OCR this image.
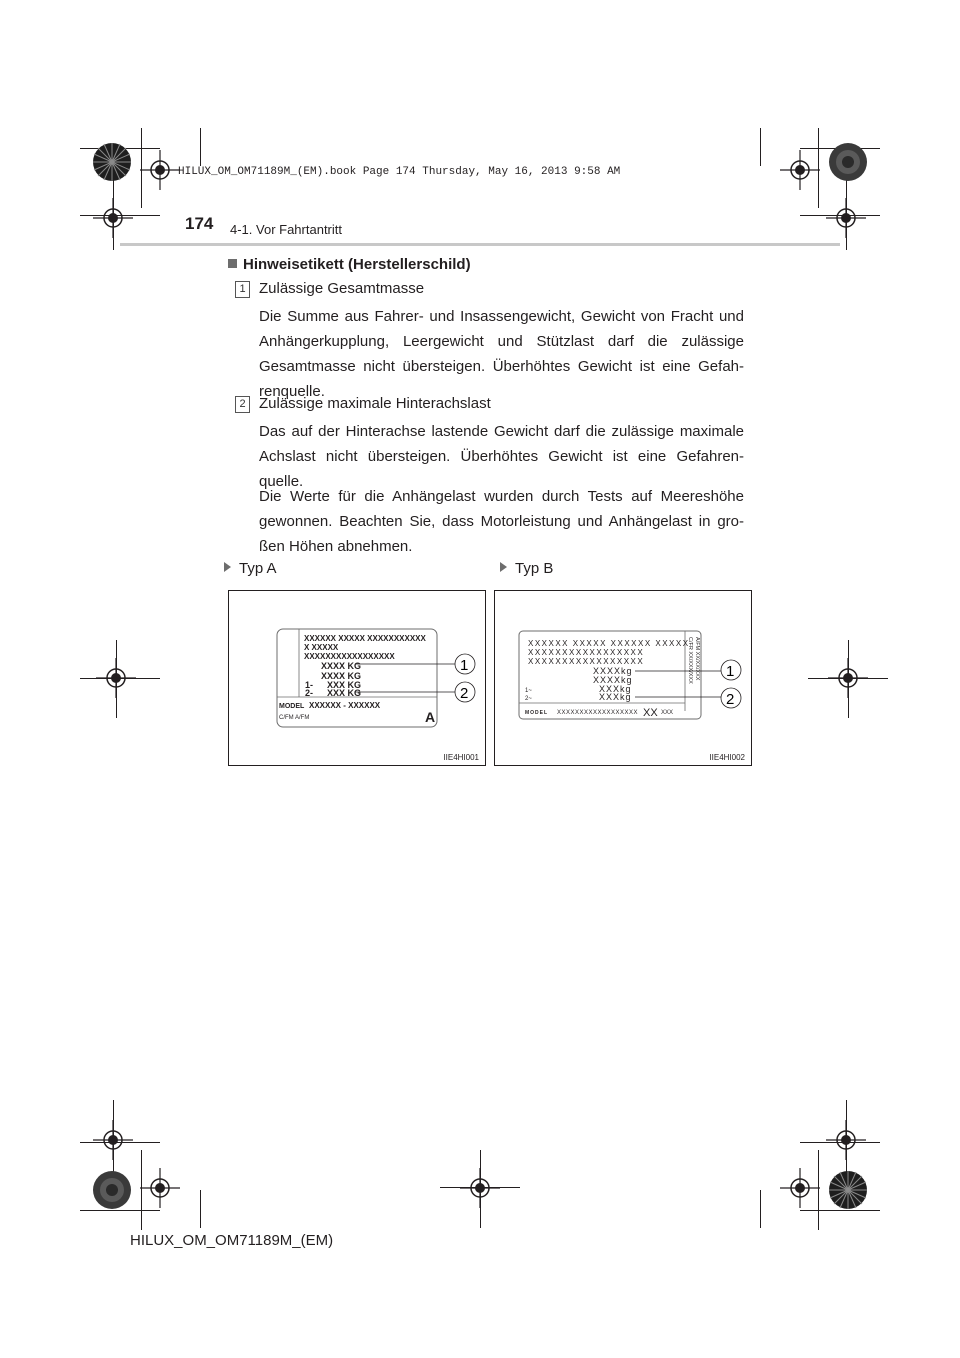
HILUX_OM_OM71189M_(EM).book Page 174 Thursday, May 16, 2013 9:58 AM
174 4-1. Vor Fahrtantritt
Hinweisetikett (Herstellerschild)
1 Zulässige Gesamtmasse
Die Summe aus Fahrer- und Insassengewicht, Gewicht von Fracht und Anhängerkupplung, Leergewicht und Stützlast darf die zulässige Gesamtmasse nicht übersteigen. Überhöhtes Gewicht ist eine Gefah-renquelle.
2 Zulässige maximale Hinterachslast
Das auf der Hinterachse lastende Gewicht darf die zulässige maximale Achslast nicht übersteigen. Überhöhtes Gewicht ist eine Gefahren-quelle.
Die Werte für die Anhängelast wurden durch Tests auf Meereshöhe gewonnen. Beachten Sie, dass Motorleistung und Anhängelast in gro-ßen Höhen abnehmen.
Typ A	Typ B
XXXXXX XXXXX XXXXXXXXXXX
X XXXXX
XXXXXXXXXXXXXXXXX
XXXX KG
XXXX KG
1- XXX KG
2- XXX KG
MODEL XXXXXX - XXXXXX
C/FM A/FM	A
1
2
IIE4HI001
XXXXXX XXXXX XXXXXX XXXXX
XXXXXXXXXXXXXXXXX
XXXXXXXXXXXXXXXXX
XXXXkg
XXXXkg
1~	XXXkg
2~	XXXkg
MODEL XXXXXXXXXXXXXXXXXX XX XXX
C/FR XX/XXX/XXX A/FM XX/XX/XXX 1
2
IIE4HI002
HILUX_OM_OM71189M_(EM)
